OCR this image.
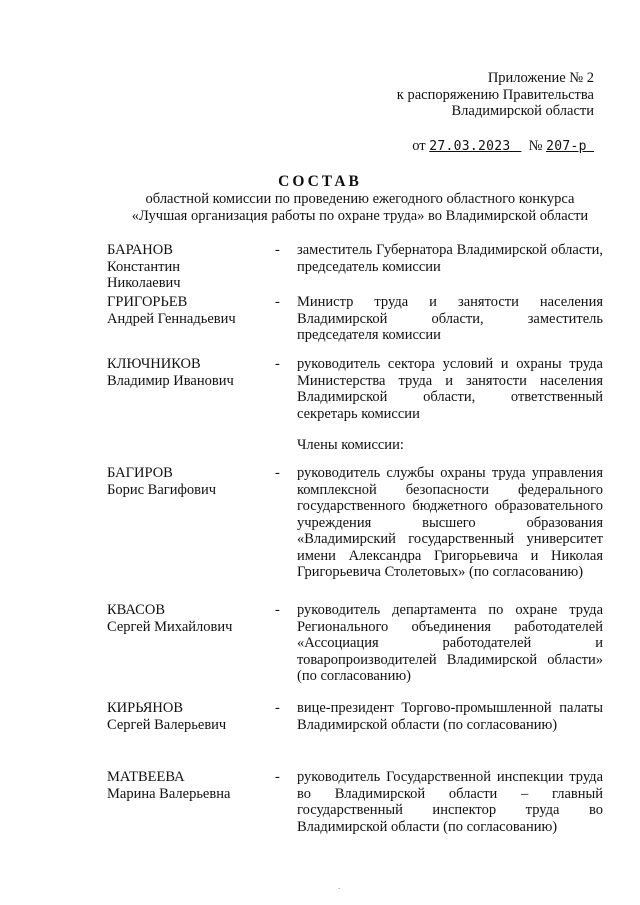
Приложение № 2
к распоряжению Правительства
Владимирской области
от 27.03.2023 № 207-р
СОСТАВ
областной комиссии по проведению ежегодного областного конкурса
«Лучшая организация работы по охране труда» во Владимирской области
БАРАНОВ
Константин
Николаевич
- заместитель Губернатора Владимирской области, председатель комиссии
ГРИГОРЬЕВ
Андрей Геннадьевич
- Министр труда и занятости населения Владимирской области, заместитель председателя комиссии
КЛЮЧНИКОВ
Владимир Иванович
- руководитель сектора условий и охраны труда Министерства труда и занятости населения Владимирской области, ответственный секретарь комиссии
Члены комиссии:
БАГИРОВ
Борис Вагифович
- руководитель службы охраны труда управления комплексной безопасности федерального государственного бюджетного образовательного учреждения высшего образования «Владимирский государственный университет имени Александра Григорьевича и Николая Григорьевича Столетовых» (по согласованию)
КВАСОВ
Сергей Михайлович
- руководитель департамента по охране труда Регионального объединения работодателей «Ассоциация работодателей и товаропроизводителей Владимирской области» (по согласованию)
КИРЬЯНОВ
Сергей Валерьевич
- вице-президент Торгово-промышленной палаты Владимирской области (по согласованию)
МАТВЕЕВА
Марина Валерьевна
- руководитель Государственной инспекции труда во Владимирской области – главный государственный инспектор труда во Владимирской области (по согласованию)
.
